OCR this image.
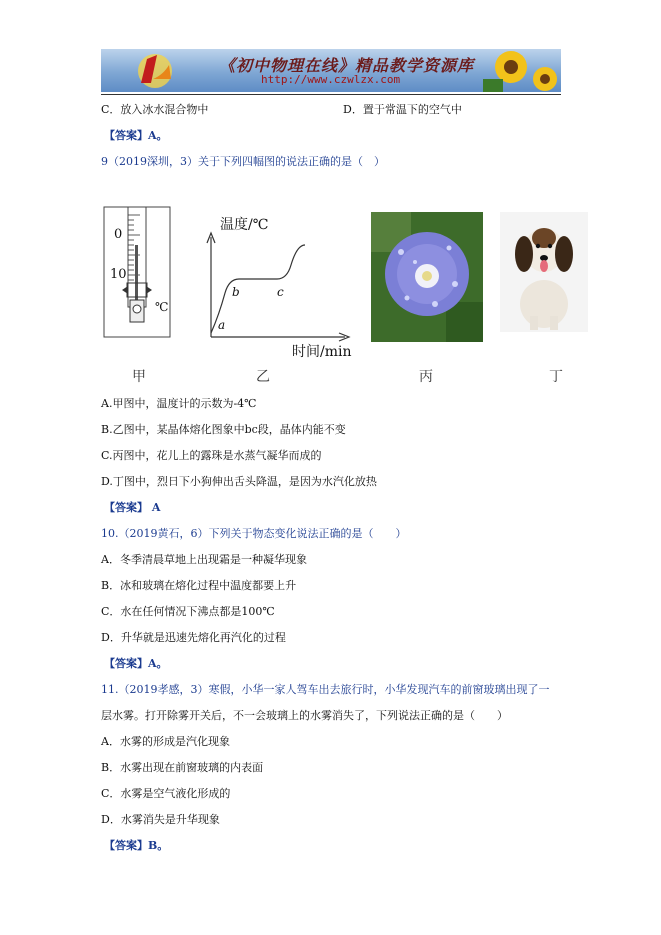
《初中物理在线》精品教学资源库
http://www.czwlzx.com
C．放入冰水混合物中	D．置于常温下的空气中
【答案】A。
9（2019深圳，3）关于下列四幅图的说法正确的是（　）
0
10
℃
温度/℃
时间/min
a
b	c
甲	乙	丙	丁
A.甲图中，温度计的示数为-4℃
B.乙图中，某晶体熔化图象中bc段，晶体内能不变
C.丙图中，花儿上的露珠是水蒸气凝华而成的
D.丁图中，烈日下小狗伸出舌头降温，是因为水汽化放热
【答案】 A
10.（2019黄石，6）下列关于物态变化说法正确的是（　　）
A．冬季清晨草地上出现霜是一种凝华现象
B．冰和玻璃在熔化过程中温度都要上升
C．水在任何情况下沸点都是100℃
D．升华就是迅速先熔化再汽化的过程
【答案】A。
11.（2019孝感，3）寒假，小华一家人驾车出去旅行时，小华发现汽车的前窗玻璃出现了一
层水雾。打开除雾开关后，不一会玻璃上的水雾消失了，下列说法正确的是（　　）
A．水雾的形成是汽化现象
B．水雾出现在前窗玻璃的内表面
C．水雾是空气液化形成的
D．水雾消失是升华现象
【答案】B。
